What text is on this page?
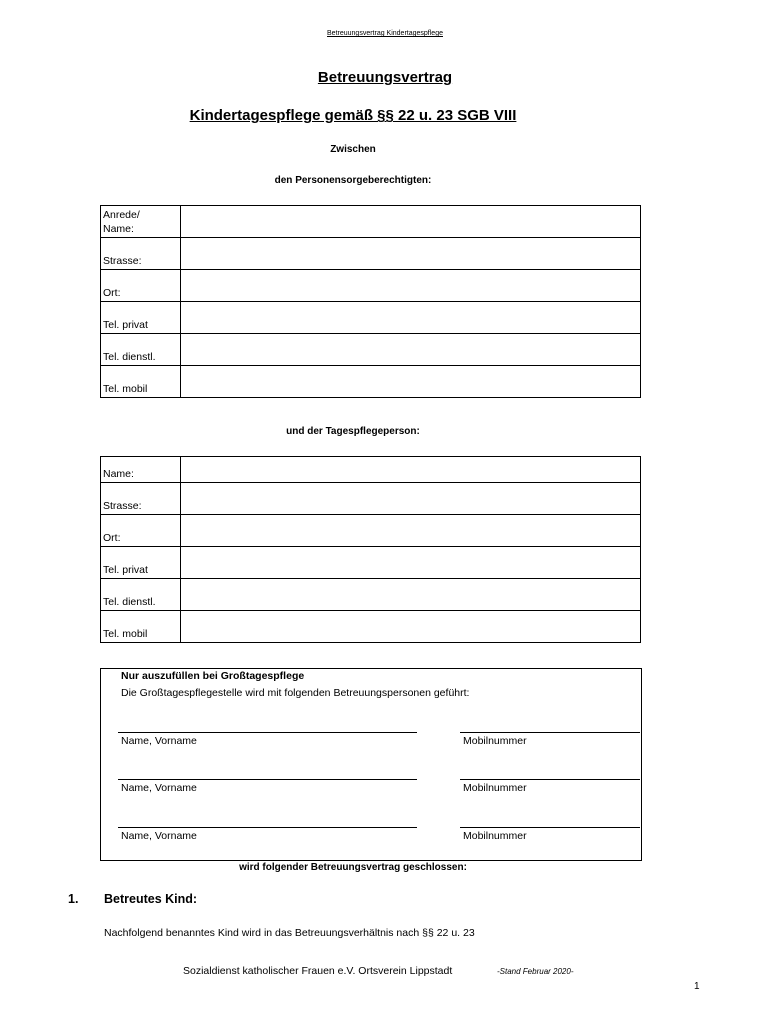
Betreuungsvertrag Kindertagespflege
Betreuungsvertrag
Kindertagespflege gemäß §§ 22 u. 23 SGB VIII
Zwischen
den Personensorgeberechtigten:
Anrede/
Name:	
Strasse:	
Ort:	
Tel. privat	
Tel. dienstl.	
Tel. mobil	
und der Tagespflegeperson:
Name:	
Strasse:	
Ort:	
Tel. privat	
Tel. dienstl.	
Tel. mobil	
Nur auszufüllen bei Großtagespflege
Die Großtagespflegestelle wird mit folgenden Betreuungspersonen geführt:
Name, Vorname	Mobilnummer
Name, Vorname	Mobilnummer
Name, Vorname	Mobilnummer
wird folgender Betreuungsvertrag geschlossen:
1. Betreutes Kind:
Nachfolgend benanntes Kind wird in das Betreuungsverhältnis nach §§ 22 u. 23
Sozialdienst katholischer Frauen e.V. Ortsverein Lippstadt	-Stand Februar 2020-
1
